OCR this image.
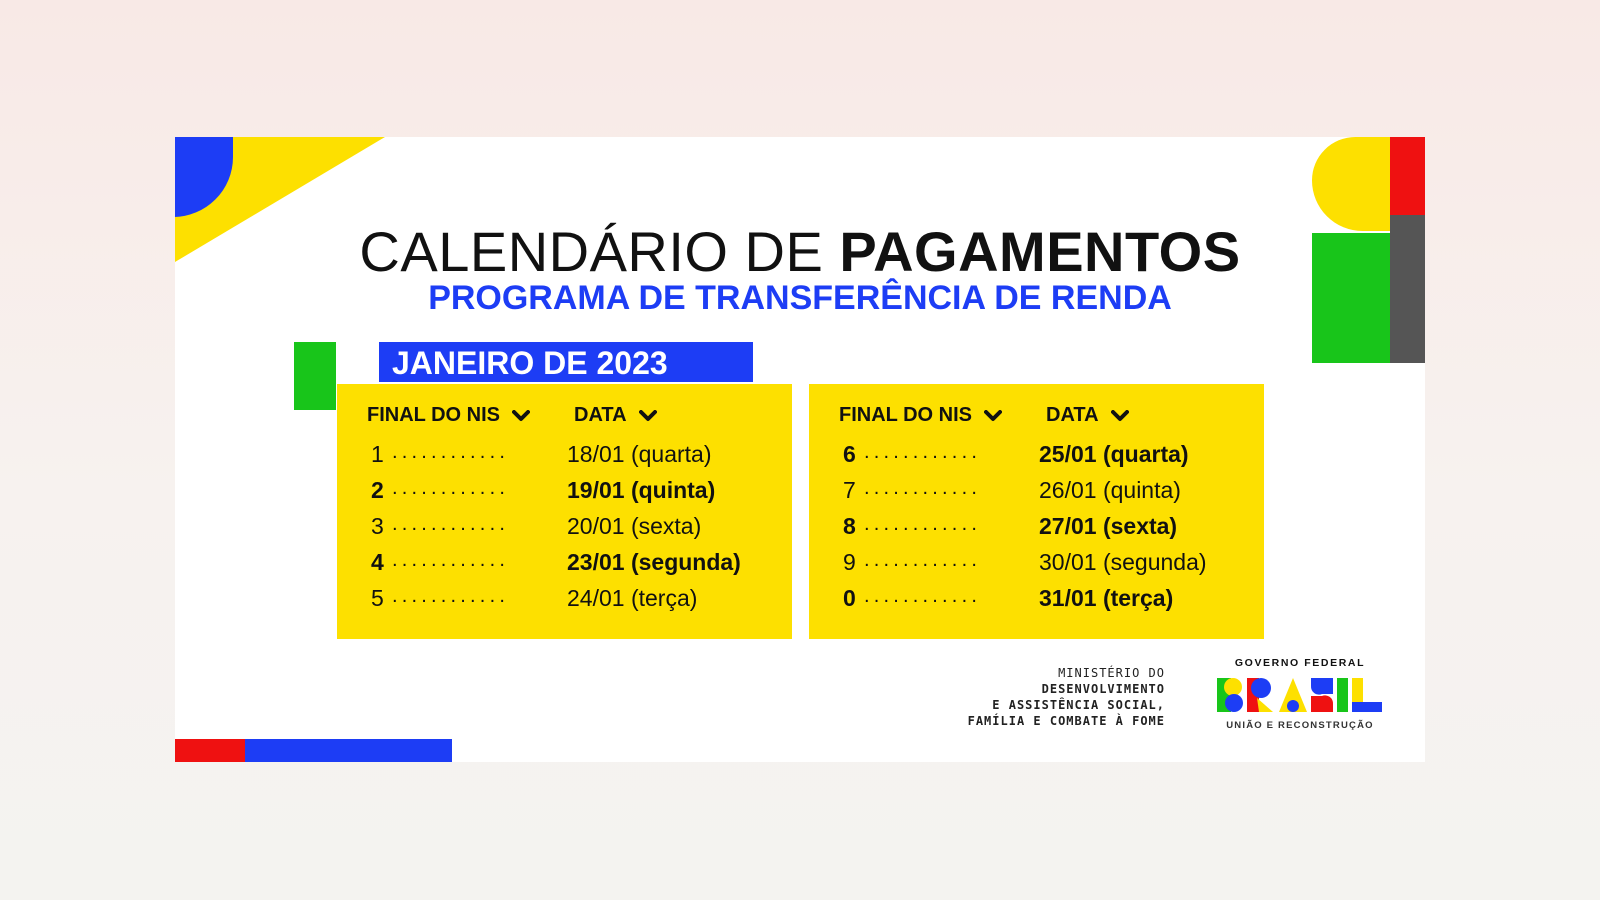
CALENDÁRIO DE PAGAMENTOS
PROGRAMA DE TRANSFERÊNCIA DE RENDA
JANEIRO DE 2023
FINAL DO NIS	DATA
1 ............	18/01 (quarta)
2 ............	19/01 (quinta)
3 ............	20/01 (sexta)
4 ............	23/01 (segunda)
5 ............	24/01 (terça)
FINAL DO NIS	DATA
6 ............	25/01 (quarta)
7 ............	26/01 (quinta)
8 ............	27/01 (sexta)
9 ............	30/01 (segunda)
0 ............	31/01 (terça)
MINISTÉRIO DO
DESENVOLVIMENTO
E ASSISTÊNCIA SOCIAL,
FAMÍLIA E COMBATE À FOME
GOVERNO FEDERAL
UNIÃO E RECONSTRUÇÃO
